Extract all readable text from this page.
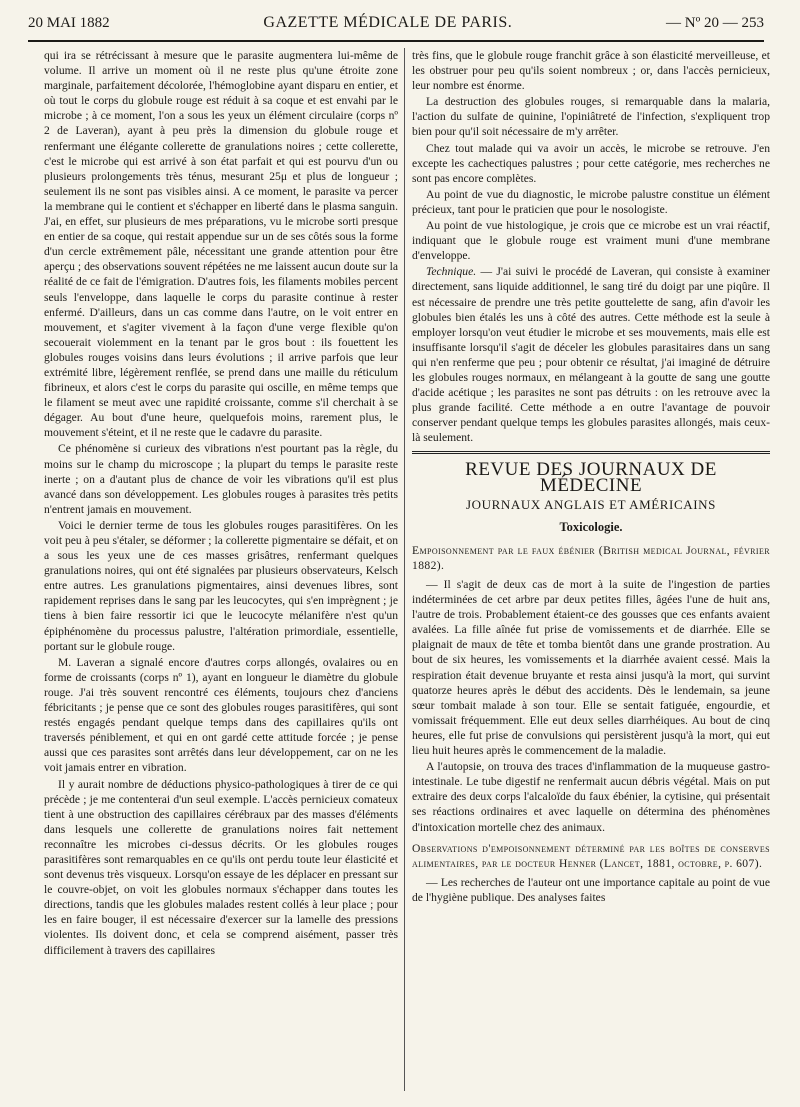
20 MAI 1882	GAZETTE MÉDICALE DE PARIS.	— Nº 20 — 253

qui ira se rétrécissant à mesure que le parasite augmentera lui-même de volume. Il arrive un moment où il ne reste plus qu'une étroite zone marginale, parfaitement décolorée, l'hémoglobine ayant disparu en entier, et où tout le corps du globule rouge est réduit à sa coque et est envahi par le microbe ; à ce moment, l'on a sous les yeux un élément circulaire (corps nº 2 de Laveran), ayant à peu près la dimension du globule rouge et renfermant une élégante collerette de granulations noires ; cette collerette, c'est le microbe qui est arrivé à son état parfait et qui est pourvu d'un ou plusieurs prolongements très ténus, mesurant 25μ et plus de longueur ; seulement ils ne sont pas visibles ainsi. A ce moment, le parasite va percer la membrane qui le contient et s'échapper en liberté dans le plasma sanguin. J'ai, en effet, sur plusieurs de mes préparations, vu le microbe sorti presque en entier de sa coque, qui restait appendue sur un de ses côtés sous la forme d'un cercle extrêmement pâle, nécessitant une grande attention pour être aperçu ; des observations souvent répétées ne me laissent aucun doute sur la réalité de ce fait de l'émigration. D'autres fois, les filaments mobiles percent seuls l'enveloppe, dans laquelle le corps du parasite continue à rester enfermé. D'ailleurs, dans un cas comme dans l'autre, on le voit entrer en mouvement, et s'agiter vivement à la façon d'une verge flexible qu'on secouerait violemment en la tenant par le gros bout : ils fouettent les globules rouges voisins dans leurs évolutions ; il arrive parfois que leur extrémité libre, légèrement renflée, se prend dans une maille du réticulum fibrineux, et alors c'est le corps du parasite qui oscille, en même temps que le filament se meut avec une rapidité croissante, comme s'il cherchait à se dégager. Au bout d'une heure, quelquefois moins, rarement plus, le mouvement s'éteint, et il ne reste que le cadavre du parasite.

Ce phénomène si curieux des vibrations n'est pourtant pas la règle, du moins sur le champ du microscope ; la plupart du temps le parasite reste inerte ; on a d'autant plus de chance de voir les vibrations qu'il est plus avancé dans son développement. Les globules rouges à parasites très petits n'entrent jamais en mouvement.

Voici le dernier terme de tous les globules rouges parasitifères. On les voit peu à peu s'étaler, se déformer ; la collerette pigmentaire se défait, et on a sous les yeux une de ces masses grisâtres, renfermant quelques granulations noires, qui ont été signalées par plusieurs observateurs, Kelsch entre autres. Les granulations pigmentaires, ainsi devenues libres, sont rapidement reprises dans le sang par les leucocytes, qui s'en imprègnent ; je tiens à bien faire ressortir ici que le leucocyte mélanifère n'est qu'un épiphénomène du processus palustre, l'altération primordiale, essentielle, portant sur le globule rouge.

M. Laveran a signalé encore d'autres corps allongés, ovalaires ou en forme de croissants (corps nº 1), ayant en longueur le diamètre du globule rouge. J'ai très souvent rencontré ces éléments, toujours chez d'anciens fébricitants ; je pense que ce sont des globules rouges parasitifères, qui sont restés engagés pendant quelque temps dans des capillaires qu'ils ont traversés péniblement, et qui en ont gardé cette attitude forcée ; je pense aussi que ces parasites sont arrêtés dans leur développement, car on ne les voit jamais entrer en vibration.

Il y aurait nombre de déductions physico-pathologiques à tirer de ce qui précède ; je me contenterai d'un seul exemple. L'accès pernicieux comateux tient à une obstruction des capillaires cérébraux par des masses d'éléments dans lesquels une collerette de granulations noires fait nettement reconnaître les microbes ci-dessus décrits. Or les globules rouges parasitifères sont remarquables en ce qu'ils ont perdu toute leur élasticité et sont devenus très visqueux. Lorsqu'on essaye de les déplacer en pressant sur le couvre-objet, on voit les globules normaux s'échapper dans toutes les directions, tandis que les globules malades restent collés à leur place ; pour les en faire bouger, il est nécessaire d'exercer sur la lamelle des pressions violentes. Ils doivent donc, et cela se comprend aisément, passer très difficilement à travers des capillaires

très fins, que le globule rouge franchit grâce à son élasticité merveilleuse, et les obstruer pour peu qu'ils soient nombreux ; or, dans l'accès pernicieux, leur nombre est énorme.

La destruction des globules rouges, si remarquable dans la malaria, l'action du sulfate de quinine, l'opiniâtreté de l'infection, s'expliquent trop bien pour qu'il soit nécessaire de m'y arrêter.

Chez tout malade qui va avoir un accès, le microbe se retrouve. J'en excepte les cachectiques palustres ; pour cette catégorie, mes recherches ne sont pas encore complètes.

Au point de vue du diagnostic, le microbe palustre constitue un élément précieux, tant pour le praticien que pour le nosologiste.

Au point de vue histologique, je crois que ce microbe est un vrai réactif, indiquant que le globule rouge est vraiment muni d'une membrane d'enveloppe.

Technique. — J'ai suivi le procédé de Laveran, qui consiste à examiner directement, sans liquide additionnel, le sang tiré du doigt par une piqûre. Il est nécessaire de prendre une très petite gouttelette de sang, afin d'avoir les globules bien étalés les uns à côté des autres. Cette méthode est la seule à employer lorsqu'on veut étudier le microbe et ses mouvements, mais elle est insuffisante lorsqu'il s'agit de déceler les globules parasitaires dans un sang qui n'en renferme que peu ; pour obtenir ce résultat, j'ai imaginé de détruire les globules rouges normaux, en mélangeant à la goutte de sang une goutte d'acide acétique ; les parasites ne sont pas détruits : on les retrouve avec la plus grande facilité. Cette méthode a en outre l'avantage de pouvoir conserver pendant quelque temps les globules parasites allongés, mais ceux-là seulement.

REVUE DES JOURNAUX DE MÉDECINE
JOURNAUX ANGLAIS ET AMÉRICAINS
Toxicologie.

Empoisonnement par le faux ébénier (British medical Journal, février 1882).

— Il s'agit de deux cas de mort à la suite de l'ingestion de parties indéterminées de cet arbre par deux petites filles, âgées l'une de huit ans, l'autre de trois. Probablement étaient-ce des gousses que ces enfants avaient avalées. La fille aînée fut prise de vomissements et de diarrhée. Elle se plaignait de maux de tête et tomba bientôt dans une grande prostration. Au bout de six heures, les vomissements et la diarrhée avaient cessé. Mais la respiration était devenue bruyante et resta ainsi jusqu'à la mort, qui survint quatorze heures après le début des accidents. Dès le lendemain, sa jeune sœur tombait malade à son tour. Elle se sentait fatiguée, engourdie, et vomissait fréquemment. Elle eut deux selles diarrhéiques. Au bout de cinq heures, elle fut prise de convulsions qui persistèrent jusqu'à la mort, qui eut lieu huit heures après le commencement de la maladie.

A l'autopsie, on trouva des traces d'inflammation de la muqueuse gastro-intestinale. Le tube digestif ne renfermait aucun débris végétal. Mais on put extraire des deux corps l'alcaloïde du faux ébénier, la cytisine, qui présentait ses réactions ordinaires et avec laquelle on détermina des phénomènes d'intoxication mortelle chez des animaux.

Observations d'empoisonnement déterminé par les boîtes de conserves alimentaires, par le docteur Henner (Lancet, 1881, octobre, p. 607).

— Les recherches de l'auteur ont une importance capitale au point de vue de l'hygiène publique. Des analyses faites
